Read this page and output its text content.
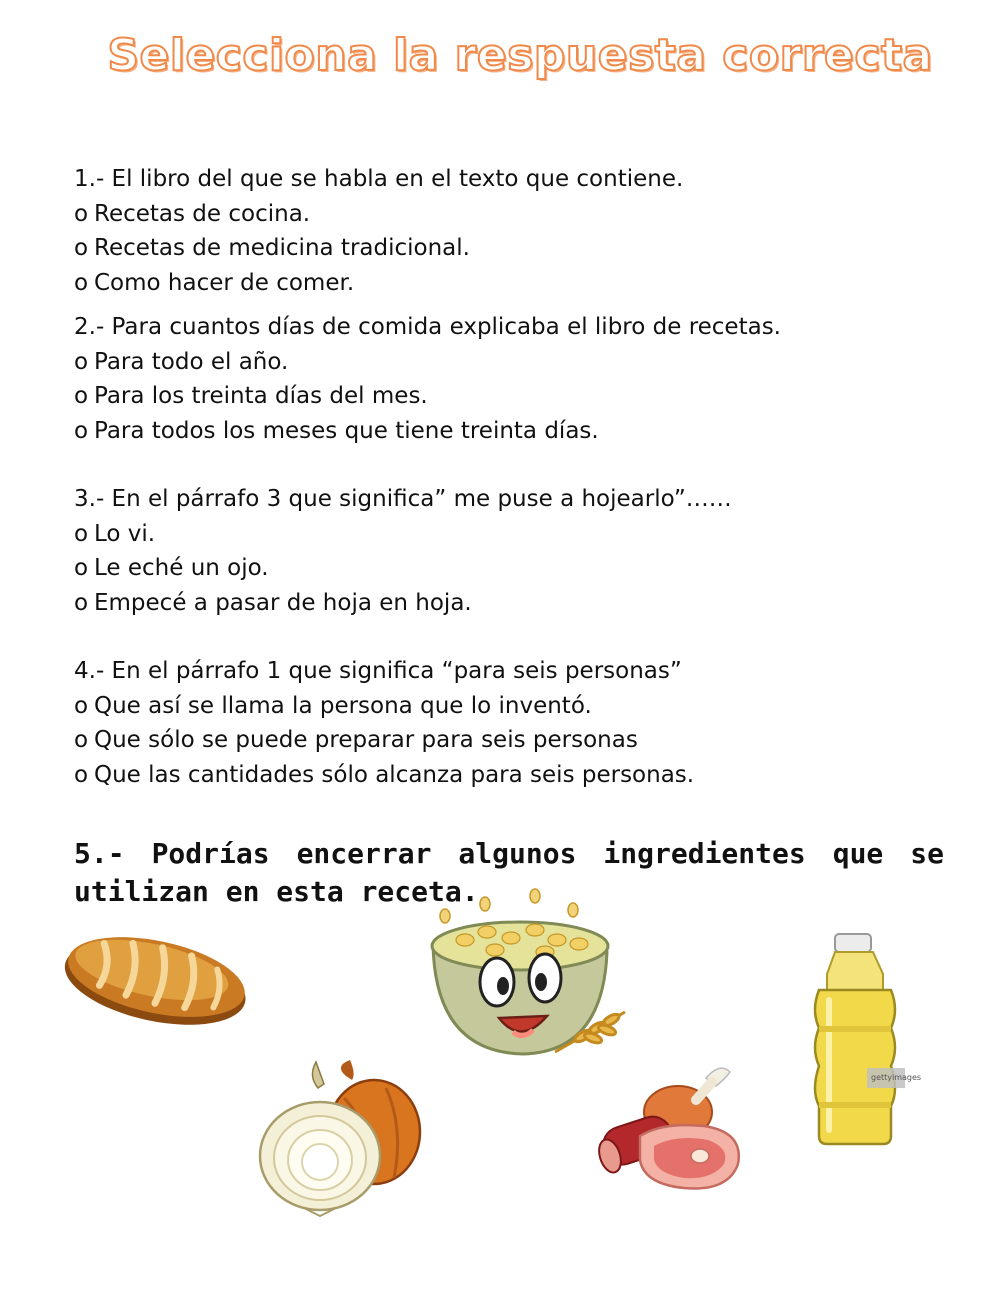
Selecciona la respuesta correcta
1.- El libro del que se habla en el texto que contiene.
o Recetas de cocina.
o Recetas de medicina tradicional.
o Como hacer de comer.
2.- Para cuantos días de comida explicaba el libro de recetas.
o Para todo el año.
o Para los treinta días del mes.
o Para todos los meses que tiene treinta días.
3.- En el párrafo 3 que significa” me puse a hojearlo”……
o Lo vi.
o Le eché un ojo.
o Empecé a pasar de hoja en hoja.
4.- En el párrafo 1 que significa “para seis personas”
o Que así se llama la persona que lo inventó.
o Que sólo se puede preparar para seis personas
o Que las cantidades sólo alcanza para seis personas.
5.- Podrías encerrar algunos ingredientes que se utilizan en esta receta.
gettyimages
